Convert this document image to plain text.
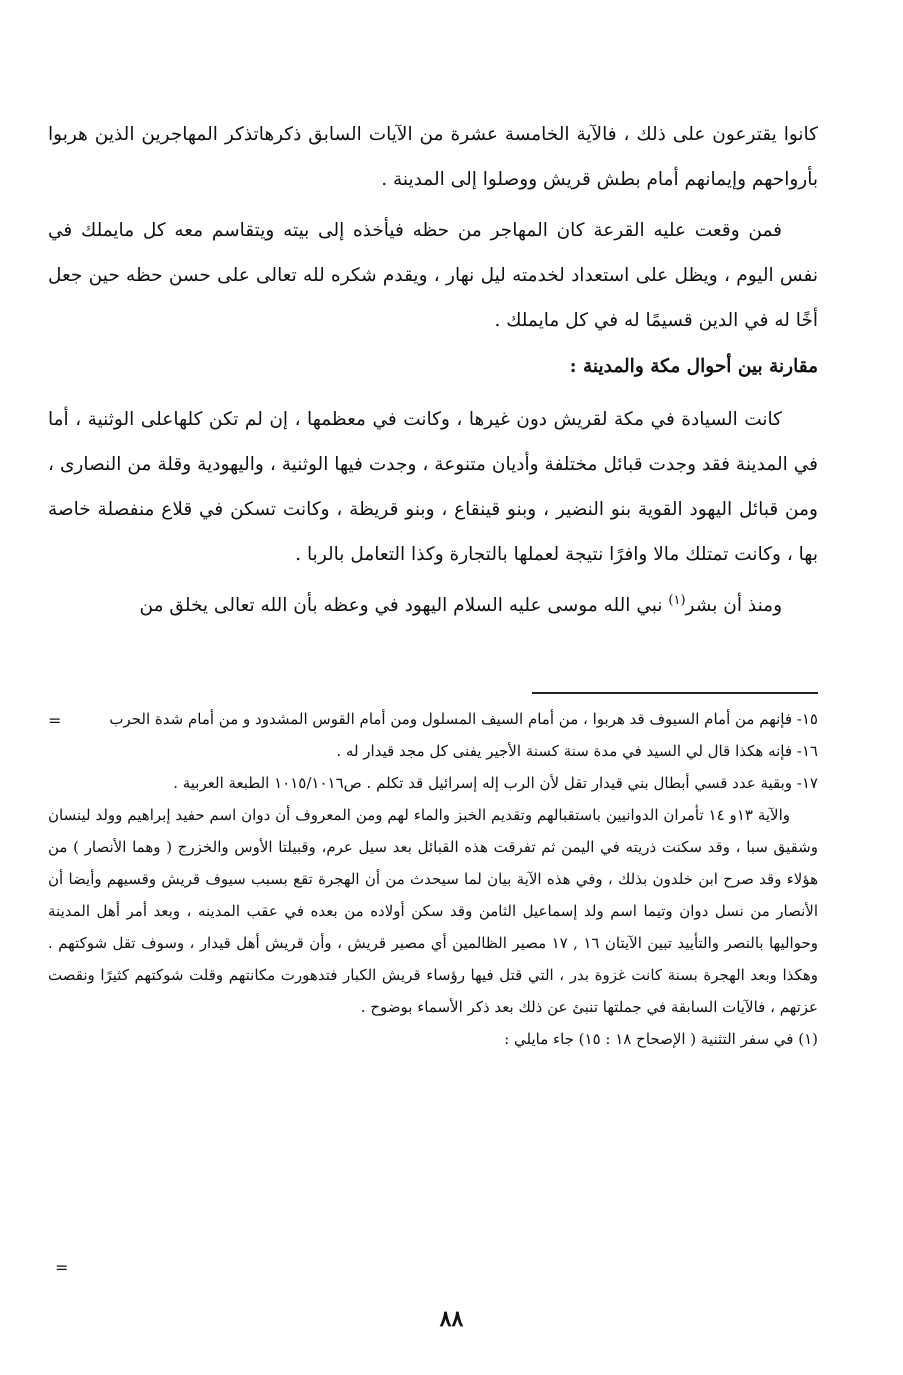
كانوا يقترعون على ذلك ، فالآية الخامسة عشرة من الآيات السابق ذكرهاتذكر المهاجرين الذين هربوا بأرواحهم وإيمانهم أمام بطش قريش ووصلوا إلى المدينة .

فمن وقعت عليه القرعة كان المهاجر من حظه فيأخذه إلى بيته ويتقاسم معه كل مايملك في نفس اليوم ، ويظل على استعداد لخدمته ليل نهار ، ويقدم شكره لله تعالى على حسن حظه حين جعل أخًا له في الدين قسيمًا له في كل مايملك .

مقارنة بين أحوال مكة والمدينة :

كانت السيادة في مكة لقريش دون غيرها ، وكانت في معظمها ، إن لم تكن كلهاعلى الوثنية ، أما في المدينة فقد وجدت قبائل مختلفة وأديان متنوعة ، وجدت فيها الوثنية ، واليهودية وقلة من النصارى ، ومن قبائل اليهود القوية بنو النضير ، وبنو قينقاع ، وبنو قريظة ، وكانت تسكن في قلاع منفصلة خاصة بها ، وكانت تمتلك مالا وافرًا نتيجة لعملها بالتجارة وكذا التعامل بالربا .

ومنذ أن بشر$^{(١)}$ نبي الله موسى عليه السلام اليهود في وعظه بأن الله تعالى يخلق من

=	١٥- فإنهم من أمام السيوف قد هربوا ، من أمام السيف المسلول ومن أمام القوس المشدود و من أمام شدة الحرب

١٦- فإنه هكذا قال لي السيد في مدة سنة كسنة الأجير يفنى كل مجد قيدار له .

١٧- وبقية عدد قسي أبطال بني قيدار تقل لأن الرب إله إسرائيل قد تكلم . ص١٠١٥/١٠١٦ الطبعة العربية .

والآية ١٣و ١٤ تأمران الدوانيين باستقبالهم وتقديم الخبز والماء لهم ومن المعروف أن دوان اسم حفيد إبراهيم وولد لينسان وشقيق سبا ، وقد سكنت ذريته في اليمن ثم تفرقت هذه القبائل بعد سيل عرم، وقبيلتا الأوس والخزرج ( وهما الأنصار ) من هؤلاء وقد صرح ابن خلدون بذلك ، وفي هذه الآية بيان لما سيحدث من أن الهجرة تقع بسبب سيوف قريش وقسيهم وأيضا أن الأنصار من نسل دوان وتيما اسم ولد إسماعيل الثامن وقد سكن أولاده من بعده في عقب المدينه ، وبعد أمر أهل المدينة وحواليها بالنصر والتأييد تبين الآيتان ١٦ , ١٧ مصير الظالمين أي مصير قريش ، وأن قريش أهل قيدار ، وسوف تقل شوكتهم . وهكذا وبعد الهجرة بسنة كانت غزوة بدر ، التي قتل فيها رؤساء قريش الكبار فتدهورت مكانتهم وقلت شوكتهم كثيرًا ونقصت عزتهم ، فالآيات السابقة في جملتها تنبئ عن ذلك بعد ذكر الأسماء بوضوح .

(١) في سفر التثنية ( الإصحاح ١٨ : ١٥) جاء مايلي :

=
٨٨
